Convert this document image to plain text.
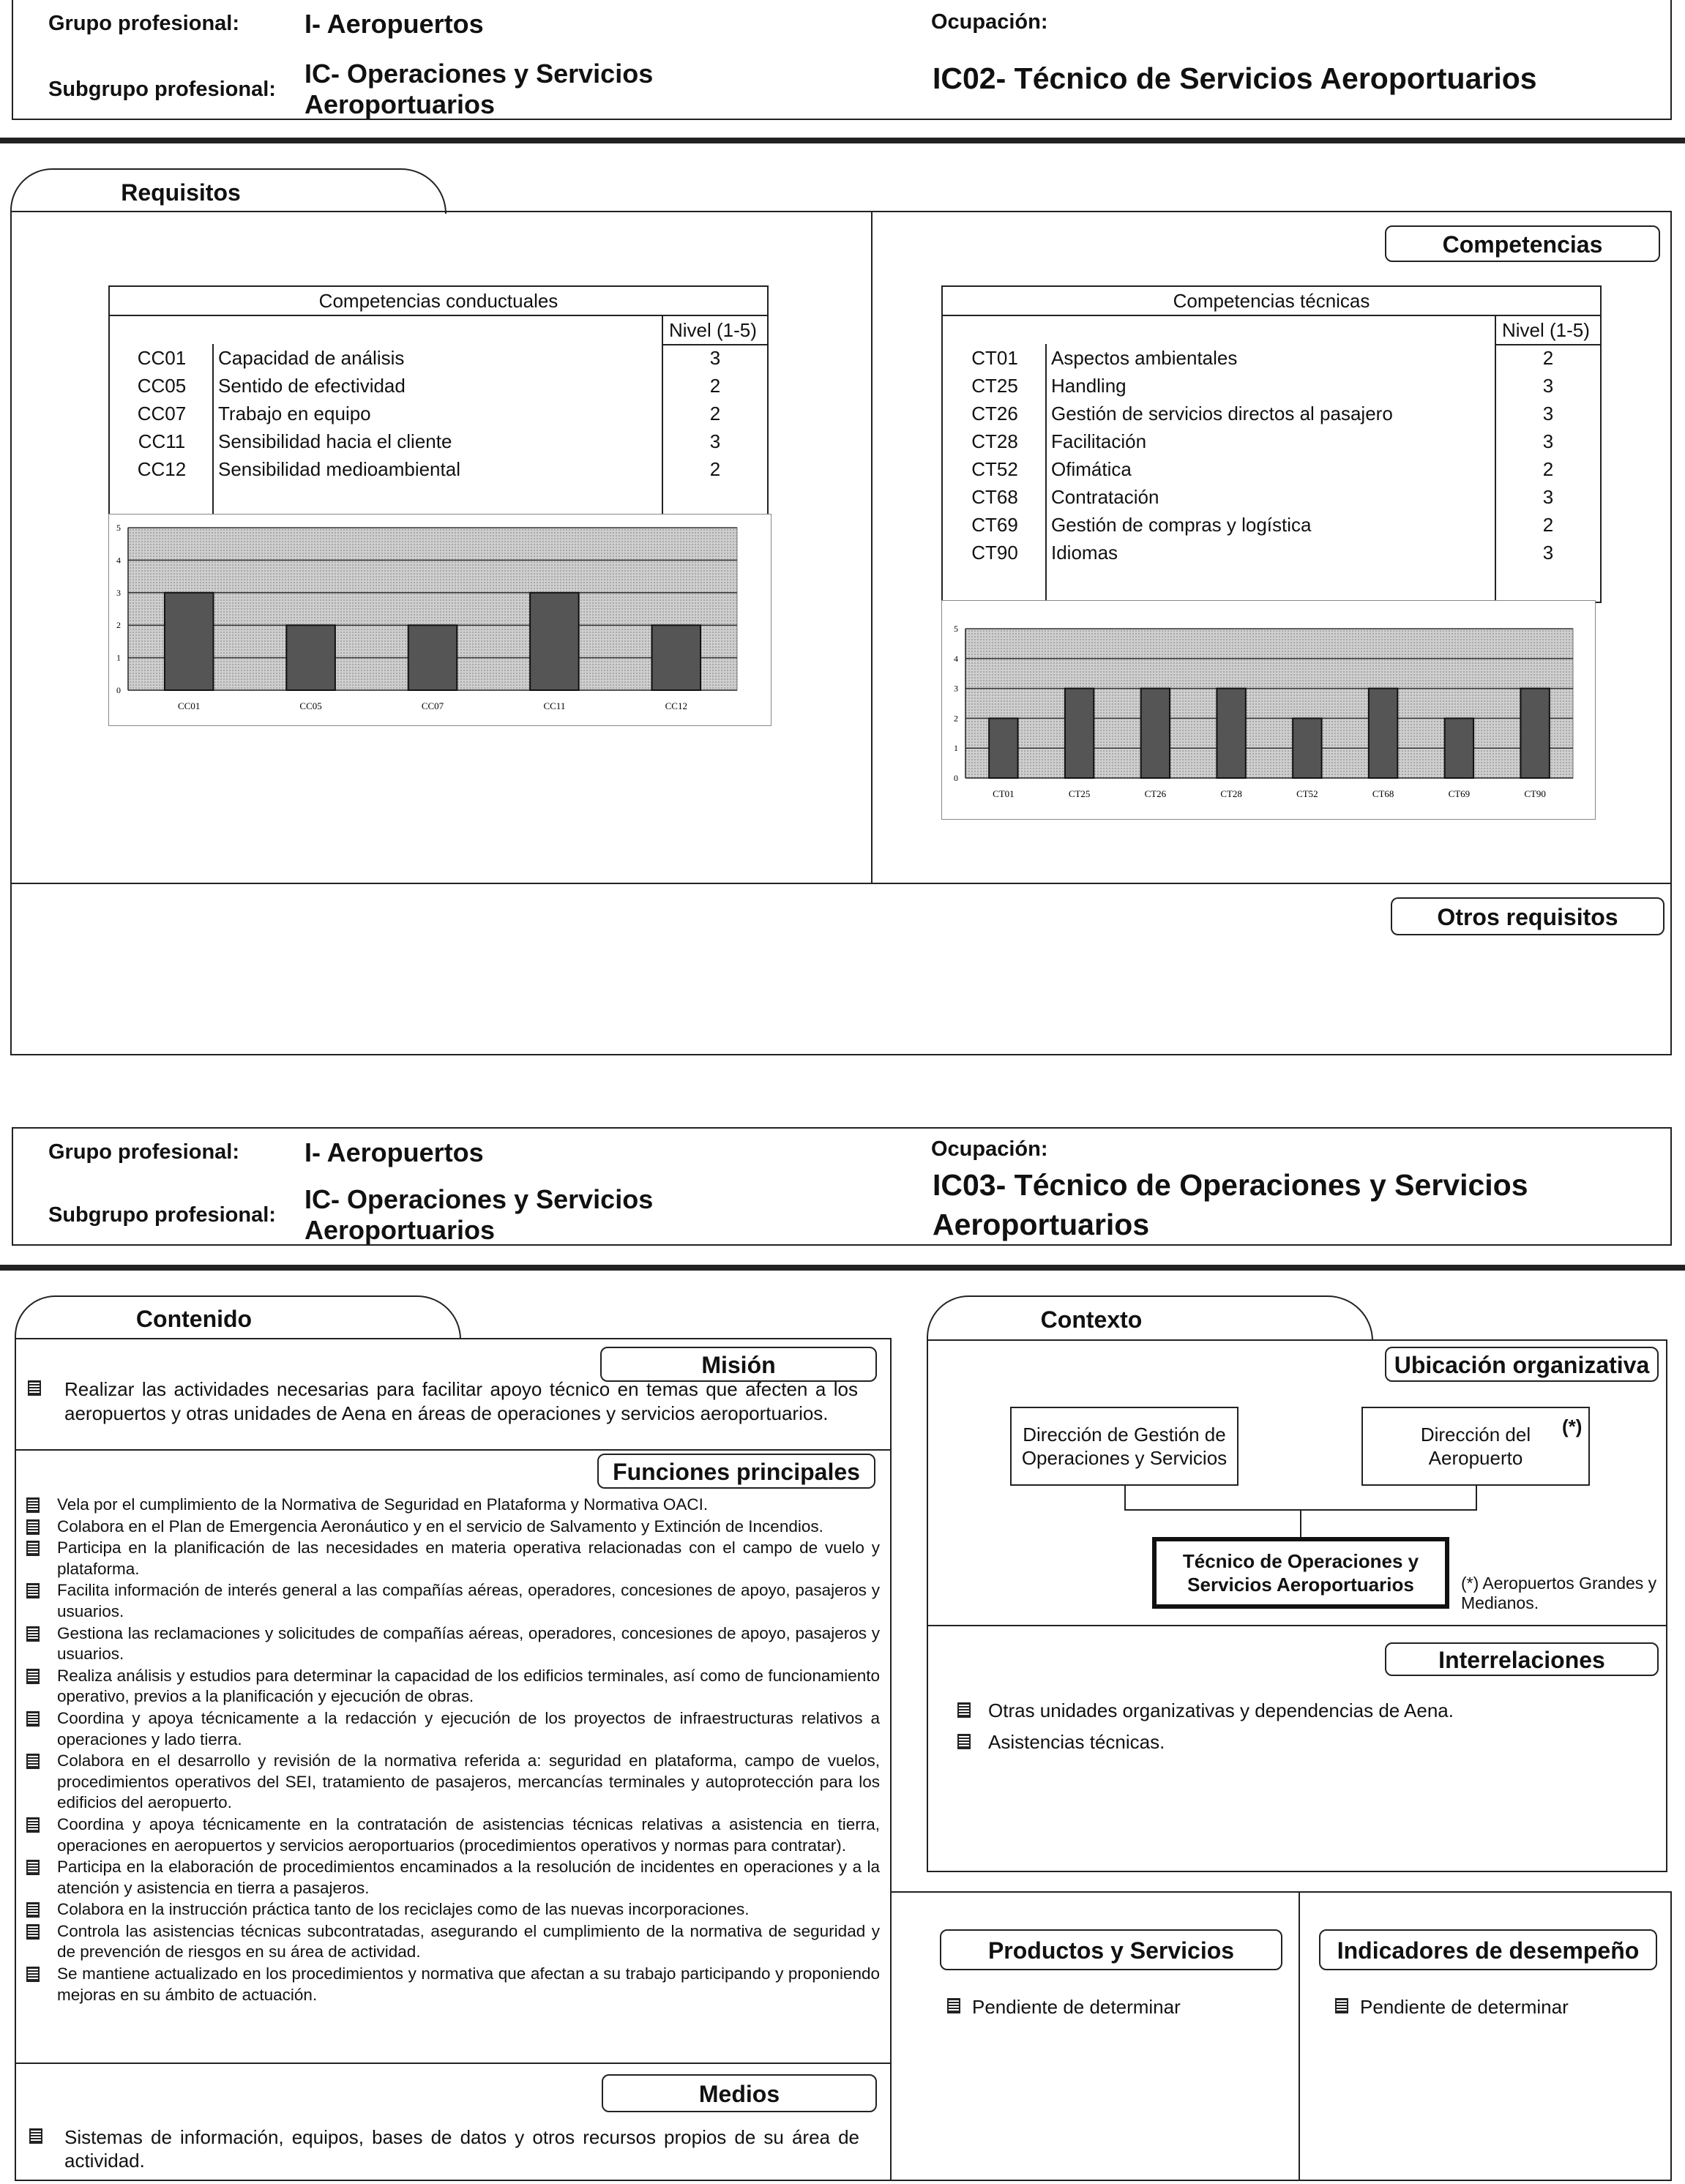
Grupo profesional: I- Aeropuertos
Subgrupo profesional:
IC- Operaciones y Servicios
Aeroportuarios
Ocupación:
IC02- Técnico de Servicios Aeroportuarios
Requisitos
Competencias
Otros requisitos
Competencias conductuales
Nivel (1-5)
CC01	Capacidad de análisis	3
CC05	Sentido de efectividad	2
CC07	Trabajo en equipo	2
CC11	Sensibilidad hacia el cliente	3
CC12	Sensibilidad medioambiental	2
Competencias técnicas
Nivel (1-5)
CT01	Aspectos ambientales	2
CT25	Handling	3
CT26	Gestión de servicios directos al pasajero	3
CT28	Facilitación	3
CT52	Ofimática	2
CT68	Contratación	3
CT69	Gestión de compras y logística	2
CT90	Idiomas	3
0
1
2
3
4
5
CC01	CC05	CC07	CC11	CC12
0
1
2
3
4
5
CT01	CT25	CT26	CT28	CT52	CT68	CT69	CT90
Grupo profesional: I- Aeropuertos
Subgrupo profesional:
IC- Operaciones y Servicios
Aeroportuarios
Ocupación:
IC03- Técnico de Operaciones y Servicios
Aeroportuarios
Contenido
Misión
Realizar las actividades necesarias para facilitar apoyo técnico en temas que afecten a los aeropuertos y otras unidades de Aena en áreas de operaciones y servicios aeroportuarios.
Funciones principales
Vela por el cumplimiento de la Normativa de Seguridad en Plataforma y Normativa OACI.
Colabora en el Plan de Emergencia Aeronáutico y en el servicio de Salvamento y Extinción de Incendios.
Participa en la planificación de las necesidades en materia operativa relacionadas con el campo de vuelo y plataforma.
Facilita información de interés general a las compañías aéreas, operadores, concesiones de apoyo, pasajeros y usuarios.
Gestiona las reclamaciones y solicitudes de compañías aéreas, operadores, concesiones de apoyo, pasajeros y usuarios.
Realiza análisis y estudios para determinar la capacidad de los edificios terminales, así como de funcionamiento operativo, previos a la planificación y ejecución de obras.
Coordina y apoya técnicamente a la redacción y ejecución de los proyectos de infraestructuras relativos a operaciones y lado tierra.
Colabora en el desarrollo y revisión de la normativa referida a: seguridad en plataforma, campo de vuelos, procedimientos operativos del SEI, tratamiento de pasajeros, mercancías terminales y autoprotección para los edificios del aeropuerto.
Coordina y apoya técnicamente en la contratación de asistencias técnicas relativas a asistencia en tierra, operaciones en aeropuertos y servicios aeroportuarios (procedimientos operativos y normas para contratar).
Participa en la elaboración de procedimientos encaminados a la resolución de incidentes en operaciones y a la atención y asistencia en tierra a pasajeros.
Colabora en la instrucción práctica tanto de los reciclajes como de las nuevas incorporaciones.
Controla las asistencias técnicas subcontratadas, asegurando el cumplimiento de la normativa de seguridad y de prevención de riesgos en su área de actividad.
Se mantiene actualizado en los procedimientos y normativa que afectan a su trabajo participando y proponiendo mejoras en su ámbito de actuación.
Medios
Sistemas de información, equipos, bases de datos y otros recursos propios de su área de actividad.
Contexto
Ubicación organizativa
Dirección de Gestión de Operaciones y Servicios
Dirección del Aeropuerto
(*)
Técnico de Operaciones y Servicios Aeroportuarios	(*) Aeropuertos Grandes y Medianos.
Interrelaciones
Otras unidades organizativas y dependencias de Aena.
Asistencias técnicas.
Productos y Servicios	Indicadores de desempeño
Pendiente de determinar	Pendiente de determinar
